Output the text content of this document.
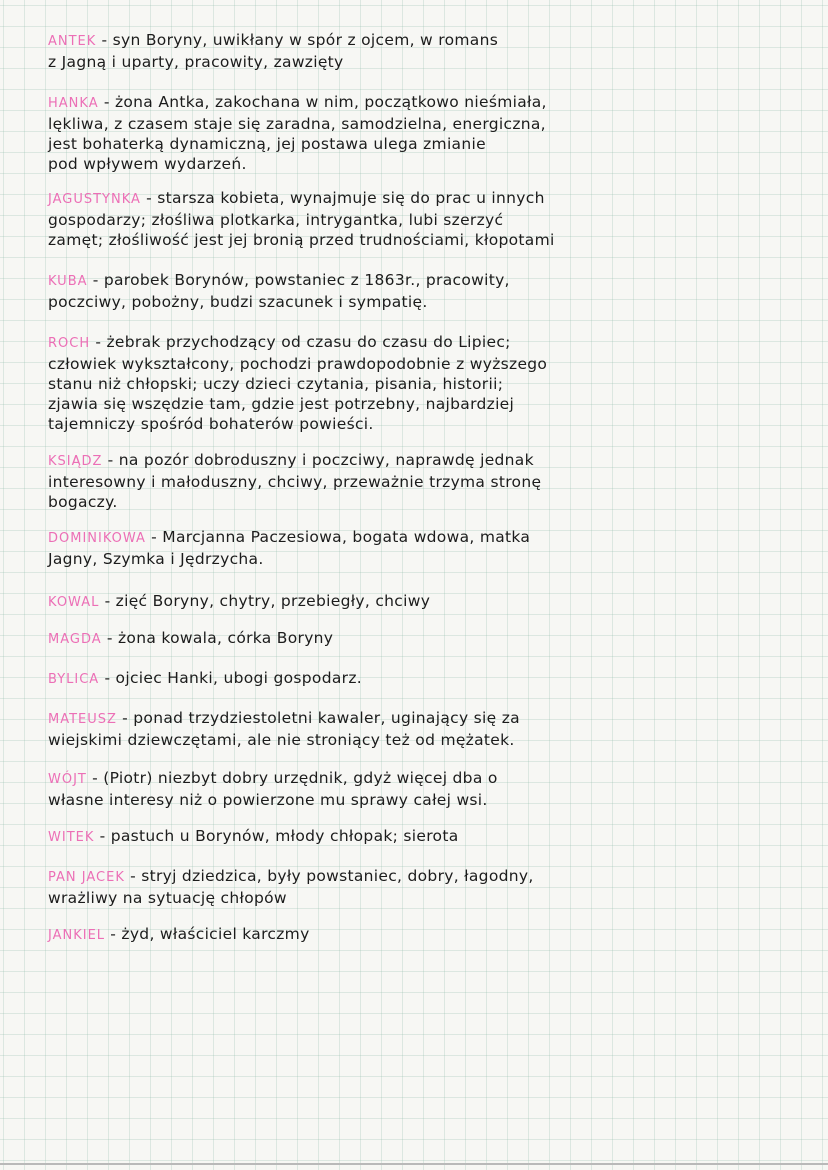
ANTEK - syn Boryny, uwikłany w spór z ojcem, w romans
z Jagną i uparty, pracowity, zawzięty
HANKA - żona Antka, zakochana w nim, początkowo nieśmiała,
lękliwa, z czasem staje się zaradna, samodzielna, energiczna,
jest bohaterką dynamiczną, jej postawa ulega zmianie
pod wpływem wydarzeń.
JAGUSTYNKA - starsza kobieta, wynajmuje się do prac u innych
gospodarzy; złośliwa plotkarka, intrygantka, lubi szerzyć
zamęt; złośliwość jest jej bronią przed trudnościami, kłopotami
KUBA - parobek Borynów, powstaniec z 1863r., pracowity,
poczciwy, pobożny, budzi szacunek i sympatię.
ROCH - żebrak przychodzący od czasu do czasu do Lipiec;
człowiek wykształcony, pochodzi prawdopodobnie z wyższego
stanu niż chłopski; uczy dzieci czytania, pisania, historii;
zjawia się wszędzie tam, gdzie jest potrzebny, najbardziej
tajemniczy spośród bohaterów powieści.
KSIĄDZ - na pozór dobroduszny i poczciwy, naprawdę jednak
interesowny i małoduszny, chciwy, przeważnie trzyma stronę
bogaczy.
DOMINIKOWA - Marcjanna Paczesiowa, bogata wdowa, matka
Jagny, Szymka i Jędrzycha.
KOWAL - zięć Boryny, chytry, przebiegły, chciwy
MAGDA - żona kowala, córka Boryny
BYLICA - ojciec Hanki, ubogi gospodarz.
MATEUSZ - ponad trzydziestoletni kawaler, uginający się za
wiejskimi dziewczętami, ale nie stroniący też od mężatek.
WÓJT - (Piotr) niezbyt dobry urzędnik, gdyż więcej dba o
własne interesy niż o powierzone mu sprawy całej wsi.
WITEK - pastuch u Borynów, młody chłopak; sierota
PAN JACEK - stryj dziedzica, były powstaniec, dobry, łagodny,
wrażliwy na sytuację chłopów
JANKIEL - żyd, właściciel karczmy
